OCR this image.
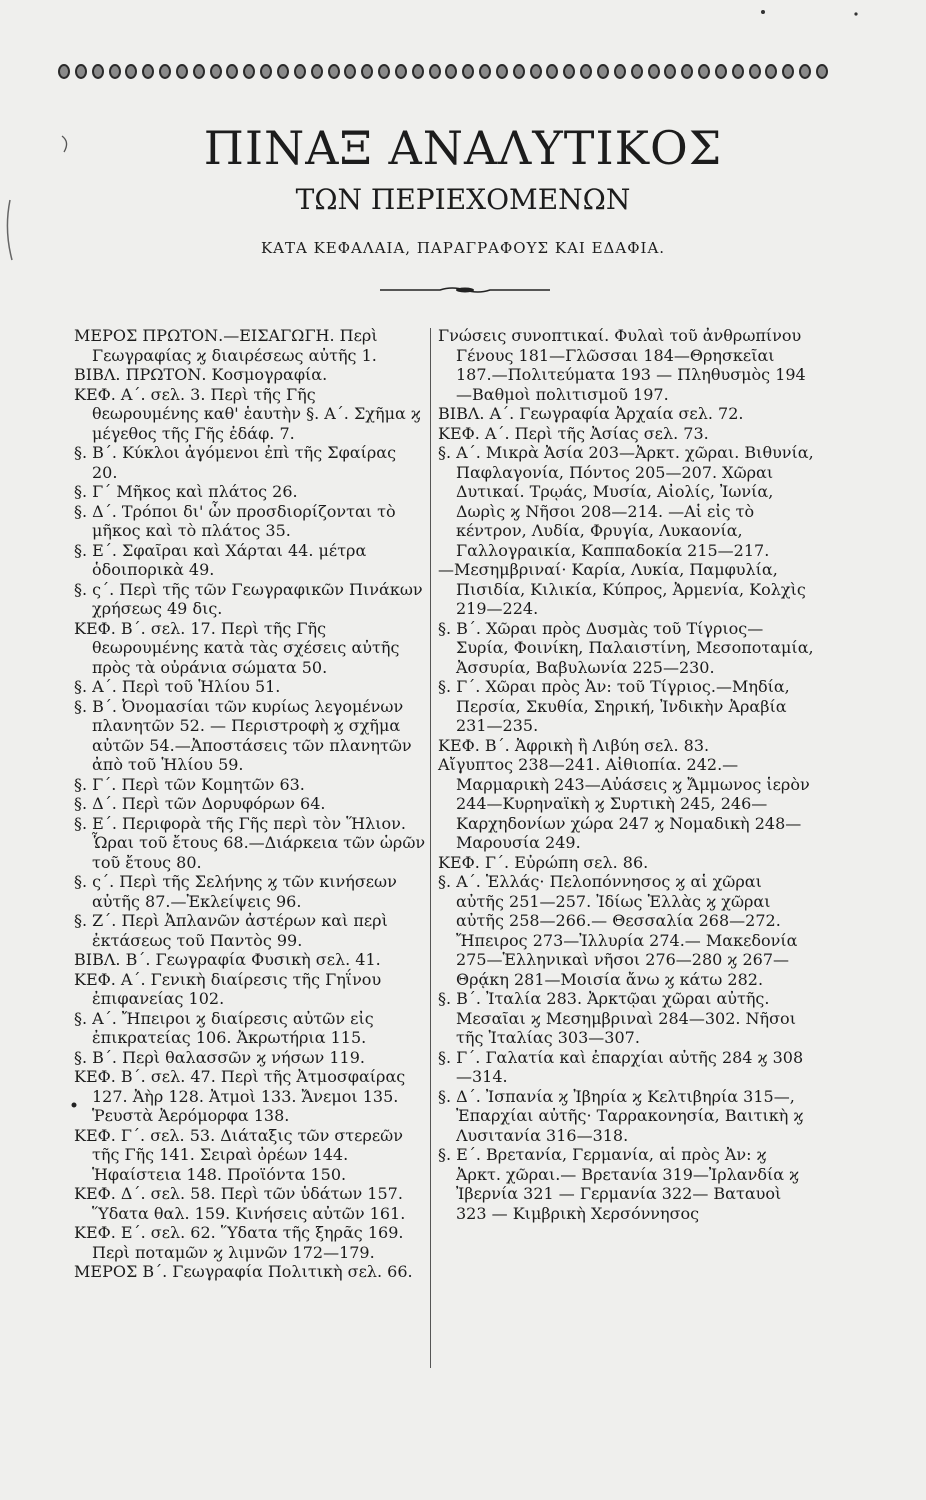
ΠΙΝΑΞ ΑΝΑΛΥΤΙΚΟΣ
ΤΩΝ ΠΕΡΙΕΧΟΜΕΝΩΝ
ΚΑΤΑ ΚΕΦΑΛΑΙΑ, ΠΑΡΑΓΡΑΦΟΥΣ ΚΑΙ ΕΔΑΦΙΑ.
ΜΕΡΟΣ ΠΡΩΤΟΝ.—ΕΙΣΑΓΩΓΗ. Περὶ Γεωγραφίας ϗ διαιρέσεως αὐτῆς 1.
ΒΙΒΛ. ΠΡΩΤΟΝ. Κοσμογραφία.
ΚΕΦ. Α΄. σελ. 3. Περὶ τῆς Γῆς θεωρουμένης καθ' ἑαυτὴν §. Α΄. Σχῆμα ϗ μέγεθος τῆς Γῆς ἐδάφ. 7.
§. Β΄. Κύκλοι ἀγόμενοι ἐπὶ τῆς Σφαίρας 20.
§. Γ΄ Μῆκος καὶ πλάτος 26.
§. Δ΄. Τρόποι δι' ὧν προσδιορίζονται τὸ μῆκος καὶ τὸ πλάτος 35.
§. Ε΄. Σφαῖραι καὶ Χάρται 44. μέτρα ὁδοιπορικὰ 49.
§. ς΄. Περὶ τῆς τῶν Γεωγραφικῶν Πινάκων χρήσεως 49 δις.
ΚΕΦ. Β΄. σελ. 17. Περὶ τῆς Γῆς θεωρουμένης κατὰ τὰς σχέσεις αὐτῆς πρὸς τὰ οὐράνια σώματα 50.
§. Α΄. Περὶ τοῦ Ἡλίου 51.
§. Β΄. Ὀνομασίαι τῶν κυρίως λεγομένων πλανητῶν 52. — Περιστροφὴ ϗ σχῆμα αὐτῶν 54.—Ἀποστάσεις τῶν πλανητῶν ἀπὸ τοῦ Ἡλίου 59.
§. Γ΄. Περὶ τῶν Κομητῶν 63.
§. Δ΄. Περὶ τῶν Δορυφόρων 64.
§. Ε΄. Περιφορὰ τῆς Γῆς περὶ τὸν Ἥλιον. Ὧραι τοῦ ἔτους 68.—Διάρκεια τῶν ὡρῶν τοῦ ἔτους 80.
§. ς΄. Περὶ τῆς Σελήνης ϗ τῶν κινήσεων αὐτῆς 87.—Ἐκλείψεις 96.
§. Ζ΄. Περὶ Ἀπλανῶν ἀστέρων καὶ περὶ ἐκτάσεως τοῦ Παντὸς 99.
ΒΙΒΛ. Β΄. Γεωγραφία Φυσικὴ σελ. 41.
ΚΕΦ. Α΄. Γενικὴ διαίρεσις τῆς Γηΐνου ἐπιφανείας 102.
§. Α΄. Ἤπειροι ϗ διαίρεσις αὐτῶν εἰς ἐπικρατείας 106. Ἀκρωτήρια 115.
§. Β΄. Περὶ θαλασσῶν ϗ νήσων 119.
ΚΕΦ. Β΄. σελ. 47. Περὶ τῆς Ἀτμοσφαίρας 127. Ἀὴρ 128. Ἀτμοὶ 133. Ἄνεμοι 135. Ῥευστὰ Ἀερόμορφα 138.
ΚΕΦ. Γ΄. σελ. 53. Διάταξις τῶν στερεῶν τῆς Γῆς 141. Σειραὶ ὀρέων 144. Ἡφαίστεια 148. Προϊόντα 150.
ΚΕΦ. Δ΄. σελ. 58. Περὶ τῶν ὑδάτων 157. Ὕδατα θαλ. 159. Κινήσεις αὐτῶν 161.
ΚΕΦ. Ε΄. σελ. 62. Ὕδατα τῆς ξηρᾶς 169. Περὶ ποταμῶν ϗ λιμνῶν 172—179.
ΜΕΡΟΣ Β΄. Γεωγραφία Πολιτικὴ σελ. 66.
Γνώσεις συνοπτικαί. Φυλαὶ τοῦ ἀνθρωπίνου Γένους 181—Γλῶσσαι 184—Θρησκεῖαι 187.—Πολιτεύματα 193 — Πληθυσμὸς 194—Βαθμοὶ πολιτισμοῦ 197.
ΒΙΒΛ. Α΄. Γεωγραφία Ἀρχαία σελ. 72.
ΚΕΦ. Α΄. Περὶ τῆς Ἀσίας σελ. 73.
§. Α΄. Μικρὰ Ἀσία 203—Ἀρκτ. χῶραι. Βιθυνία, Παφλαγονία, Πόντος 205—207. Χῶραι Δυτικαί. Τρῳάς, Μυσία, Αἰολίς, Ἰωνία, Δωρὶς ϗ Νῆσοι 208—214. —Αἱ εἰς τὸ κέντρον, Λυδία, Φρυγία, Λυκαονία, Γαλλογραικία, Καππαδοκία 215—217.
—Μεσημβριναί· Καρία, Λυκία, Παμφυλία, Πισιδία, Κιλικία, Κύπρος, Ἀρμενία, Κολχὶς 219—224.
§. Β΄. Χῶραι πρὸς Δυσμὰς τοῦ Τίγριος— Συρία, Φοινίκη, Παλαιστίνη, Μεσοποταμία, Ἀσσυρία, Βαβυλωνία 225—230.
§. Γ΄. Χῶραι πρὸς Ἀν: τοῦ Τίγριος.—Μηδία, Περσία, Σκυθία, Σηρική, Ἰνδικὴν Ἀραβία 231—235.
ΚΕΦ. Β΄. Ἀφρικὴ ἢ Λιβύη σελ. 83.
Αἴγυπτος 238—241. Αἰθιοπία. 242.— Μαρμαρικὴ 243—Αὐάσεις ϗ Ἄμμωνος ἱερὸν 244—Κυρηναϊκὴ ϗ Συρτικὴ 245, 246—Καρχηδονίων χώρα 247 ϗ Νομαδικὴ 248—Μαρουσία 249.
ΚΕΦ. Γ΄. Εὐρώπη σελ. 86.
§. Α΄. Ἑλλάς· Πελοπόννησος ϗ αἱ χῶραι αὐτῆς 251—257. Ἰδίως Ἑλλὰς ϗ χῶραι αὐτῆς 258—266.— Θεσσαλία 268—272. Ἤπειρος 273—Ἰλλυρία 274.— Μακεδονία 275—Ἑλληνικαὶ νῆσοι 276—280 ϗ 267—Θρᾴκη 281—Μοισία ἄνω ϗ κάτω 282.
§. Β΄. Ἰταλία 283. Ἀρκτῷαι χῶραι αὐτῆς. Μεσαῖαι ϗ Μεσημβριναὶ 284—302. Νῆσοι τῆς Ἰταλίας 303—307.
§. Γ΄. Γαλατία καὶ ἐπαρχίαι αὐτῆς 284 ϗ 308—314.
§. Δ΄. Ἰσπανία ϗ Ἰβηρία ϗ Κελτιβηρία 315—, Ἐπαρχίαι αὐτῆς· Ταρρακονησία, Βαιτικὴ ϗ Λυσιτανία 316—318.
§. Ε΄. Βρετανία, Γερμανία, αἱ πρὸς Ἀν: ϗ Ἀρκτ. χῶραι.— Βρετανία 319—Ἰρλανδία ϗ Ἰβερνία 321 — Γερμανία 322— Βαταυοὶ 323 — Κιμβρικὴ Χερσόννησος
